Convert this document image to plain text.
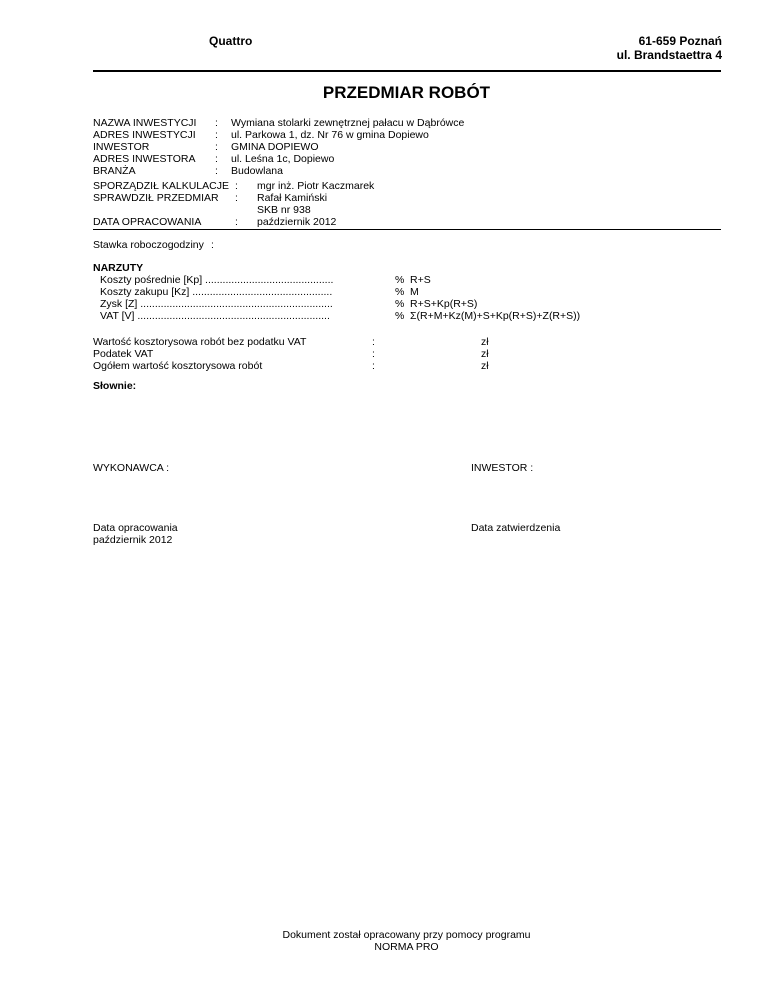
Quattro	61-659 Poznań
ul. Brandstaettra 4
PRZEDMIAR ROBÓT
NAZWA INWESTYCJI
ADRES INWESTYCJI
INWESTOR
ADRES INWESTORA
BRANŻA
:
:
:
:
:
Wymiana stolarki zewnętrznej pałacu w Dąbrówce
ul. Parkowa 1, dz. Nr 76 w gmina Dopiewo
GMINA DOPIEWO
ul. Leśna 1c, Dopiewo
Budowlana
SPORZĄDZIŁ KALKULACJE
SPRAWDZIŁ PRZEDMIAR
DATA OPRACOWANIA
:
:
:
mgr inż. Piotr Kaczmarek
Rafał Kamiński
SKB nr 938
październik 2012
Stawka roboczogodziny :
NARZUTY
Koszty pośrednie [Kp] ............................................
Koszty zakupu [Kz] ................................................
Zysk [Z] ..................................................................
VAT [V] ..................................................................
%
%
%
%
R+S
M
R+S+Kp(R+S)
Σ(R+M+Kz(M)+S+Kp(R+S)+Z(R+S))
Wartość kosztorysowa robót bez podatku VAT
Podatek VAT
Ogółem wartość kosztorysowa robót
:
:
:
zł
zł
zł
Słownie:
WYKONAWCA :	INWESTOR :
Data opracowania
październik 2012
Data zatwierdzenia
Dokument został opracowany przy pomocy programu
NORMA PRO
